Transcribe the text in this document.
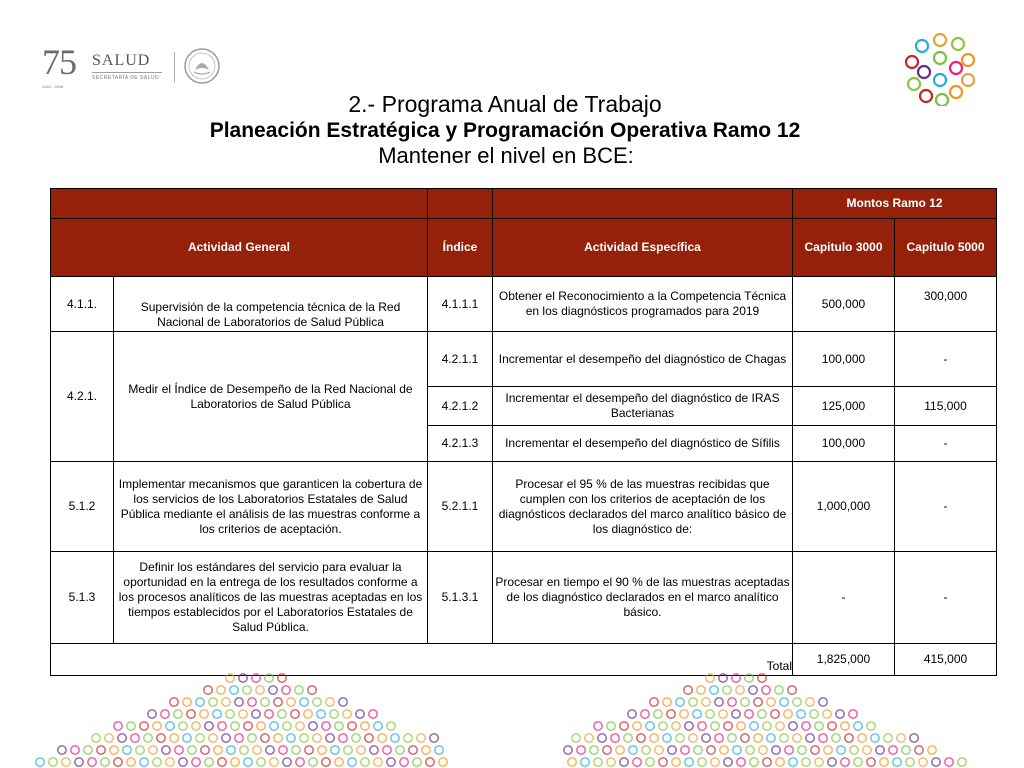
75
1943 - 2018
SALUD
SECRETARÍA DE SALUD
2.- Programa Anual de Trabajo
Planeación Estratégica y Programación Operativa Ramo 12
Mantener el nivel en BCE:
				Montos Ramo 12	
Actividad General		Índice	Actividad Específica	Capitulo 3000	Capitulo 5000
4.1.1.	Supervisión de la competencia técnica de la Red Nacional de Laboratorios de Salud Pública	4.1.1.1	Obtener el Reconocimiento a la Competencia Técnica en los diagnósticos programados para 2019	500,000	300,000
4.2.1.	Medir el Índice de Desempeño de la Red Nacional de Laboratorios de Salud Pública	4.2.1.1	Incrementar el desempeño del diagnóstico de Chagas	100,000	-
		4.2.1.2	Incrementar el desempeño del diagnóstico de IRAS Bacterianas	125,000	115,000
		4.2.1.3	Incrementar el desempeño del diagnóstico de Sífilis	100,000	-
5.1.2	Implementar mecanismos que garanticen la cobertura de los servicios de los Laboratorios Estatales de Salud Pública mediante el análisis de las muestras conforme a los criterios de aceptación.	5.2.1.1	Procesar el 95 % de las muestras recibidas que cumplen con los criterios de aceptación de los diagnósticos declarados del marco analítico básico de los diagnóstico de:	1,000,000	-
5.1.3	Definir los estándares del servicio para evaluar la oportunidad en la entrega de los resultados conforme a los procesos analíticos de las muestras aceptadas en los tiempos establecidos por el Laboratorios Estatales de Salud Pública.	5.1.3.1	Procesar en tiempo el 90 % de las muestras aceptadas de los diagnóstico declarados en el marco analítico básico.	-	-
Total				1,825,000	415,000
